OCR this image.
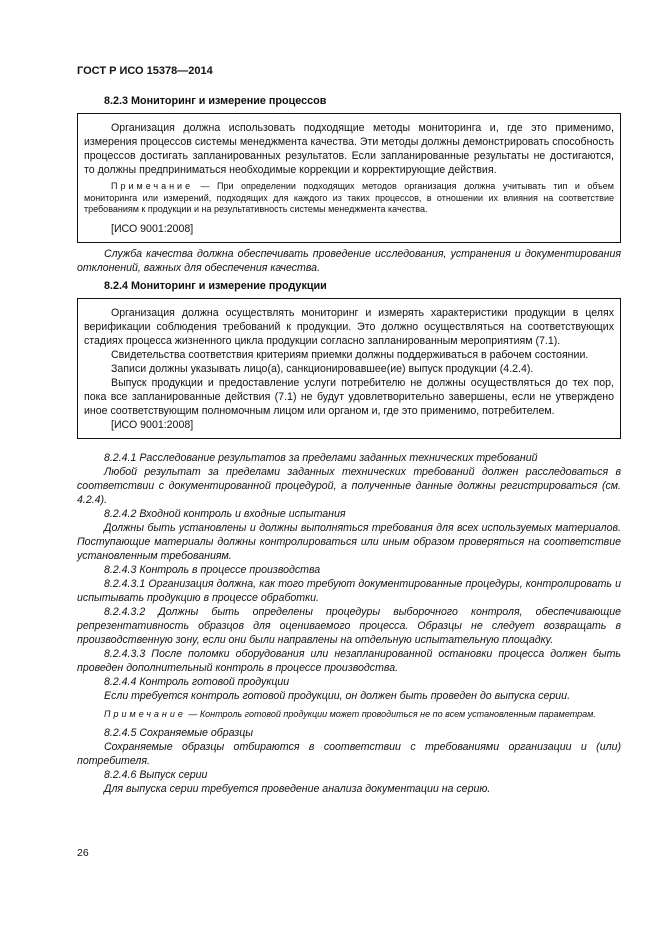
ГОСТ Р ИСО 15378—2014
8.2.3 Мониторинг и измерение процессов

Организация должна использовать подходящие методы мониторинга и, где это применимо, измерения процессов системы менеджмента качества. Эти методы должны демонстрировать способность процессов достигать запланированных результатов. Если запланированные результаты не достигаются, то должны предприниматься необходимые коррекции и корректирующие действия.

Примечание — При определении подходящих методов организация должна учитывать тип и объем мониторинга или измерений, подходящих для каждого из таких процессов, в отношении их влияния на соответствие требованиям к продукции и на результативность системы менеджмента качества.

[ИСО 9001:2008]

Служба качества должна обеспечивать проведение исследования, устранения и документирования отклонений, важных для обеспечения качества.

8.2.4 Мониторинг и измерение продукции

Организация должна осуществлять мониторинг и измерять характеристики продукции в целях верификации соблюдения требований к продукции. Это должно осуществляться на соответствующих стадиях процесса жизненного цикла продукции согласно запланированным мероприятиям (7.1).

Свидетельства соответствия критериям приемки должны поддерживаться в рабочем состоянии.

Записи должны указывать лицо(а), санкционировавшее(ие) выпуск продукции (4.2.4).

Выпуск продукции и предоставление услуги потребителю не должны осуществляться до тех пор, пока все запланированные действия (7.1) не будут удовлетворительно завершены, если не утверждено иное соответствующим полномочным лицом или органом и, где это применимо, потребителем.

[ИСО 9001:2008]

8.2.4.1 Расследование результатов за пределами заданных технических требований

Любой результат за пределами заданных технических требований должен расследоваться в соответствии с документированной процедурой, а полученные данные должны регистрироваться (см. 4.2.4).

8.2.4.2 Входной контроль и входные испытания

Должны быть установлены и должны выполняться требования для всех используемых материалов. Поступающие материалы должны контролироваться или иным образом проверяться на соответствие установленным требованиям.

8.2.4.3 Контроль в процессе производства

8.2.4.3.1 Организация должна, как того требуют документированные процедуры, контролировать и испытывать продукцию в процессе обработки.

8.2.4.3.2 Должны быть определены процедуры выборочного контроля, обеспечивающие репрезентативность образцов для оцениваемого процесса. Образцы не следует возвращать в производственную зону, если они были направлены на отдельную испытательную площадку.

8.2.4.3.3 После поломки оборудования или незапланированной остановки процесса должен быть проведен дополнительный контроль в процессе производства.

8.2.4.4 Контроль готовой продукции

Если требуется контроль готовой продукции, он должен быть проведен до выпуска серии.

Примечание — Контроль готовой продукции может проводиться не по всем установленным параметрам.

8.2.4.5 Сохраняемые образцы

Сохраняемые образцы отбираются в соответствии с требованиями организации и (или) потребителя.

8.2.4.6 Выпуск серии

Для выпуска серии требуется проведение анализа документации на серию.

26
